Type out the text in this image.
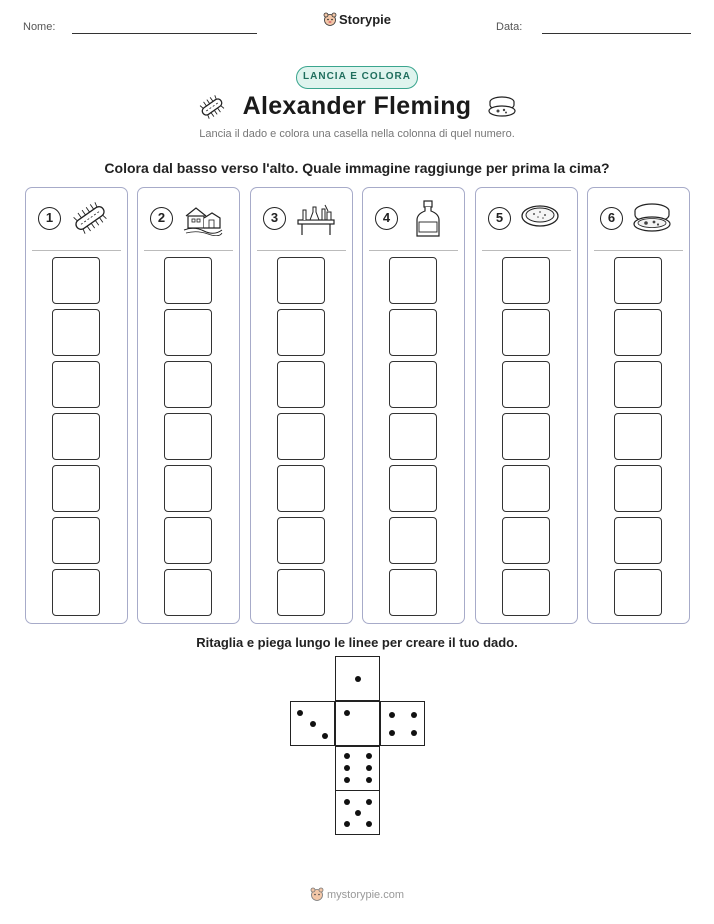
Nome:	Storypie	Data:
LANCIA E COLORA
Alexander Fleming
Lancia il dado e colora una casella nella colonna di quel numero.
Colora dal basso verso l'alto. Quale immagine raggiunge per prima la cima?
1	2	3	4	5	6
Ritaglia e piega lungo le linee per creare il tuo dado.
mystorypie.com
